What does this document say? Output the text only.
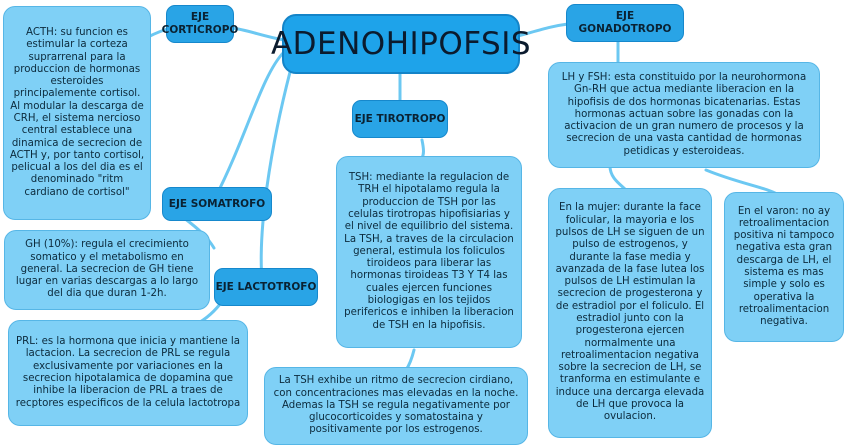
ADENOHIPOFSIS
EJE
CORTICROPO
EJE
GONADOTROPO
EJE TIROTROPO
EJE SOMATROFO
EJE LACTOTROFO
ACTH: su funcion es estimular la corteza suprarrenal para la produccion de hormonas esteroides principalemente cortisol. Al modular la descarga de CRH, el sistema nercioso central establece una dinamica de secrecion de ACTH y, por tanto cortisol, pelicual a los del dia es el denominado "ritm cardiano de cortisol"
GH (10%): regula el crecimiento somatico y el metabolismo en general. La secrecion de GH tiene lugar en varias descargas a lo largo del dia que duran 1-2h.
PRL: es la hormona que inicia y mantiene la lactacion. La secrecion de PRL se regula exclusivamente por variaciones en la secrecion hipotalamica de dopamina que inhibe la liberacion de PRL a traes de recptores especificos de la celula lactotropa
TSH: mediante la regulacion de TRH el hipotalamo regula la produccion de TSH por las celulas tirotropas hipofisiarias y el nivel de equilibrio del sistema. La TSH, a traves de la circulacion general, estimula los foliculos tiroideos para liberar las hormonas tiroideas T3 Y T4 las cuales ejercen funciones biologigas en los tejidos perifericos e inhiben la liberacion de TSH en la hipofisis.
La TSH exhibe un ritmo de secrecion cirdiano, con concentraciones mas elevadas en la noche. Ademas la TSH se regula negativamente por glucocorticoides y somatostaina y positivamente por los estrogenos.
LH y FSH: esta constituido por la neurohormona Gn-RH que actua mediante liberacion en la hipofisis de dos hormonas bicatenarias. Estas hormonas actuan sobre las gonadas con la activacion de un gran numero de procesos y la secrecion de una vasta cantidad de hormonas petidicas y esteroideas.
En la mujer: durante la face folicular, la mayoria e los pulsos de LH se siguen de un pulso de estrogenos, y durante la fase media y avanzada de la fase lutea los pulsos de LH estimulan la secrecion de progesterona y de estradiol por el foliculo. El estradiol junto con la progesterona ejercen normalmente una retroalimentacion negativa sobre la secrecion de LH, se tranforma en estimulante e induce una dercarga elevada de LH que provoca la ovulacion.
En el varon: no ay retroalimentacion positiva ni tampoco negativa esta gran descarga de LH, el sistema es mas simple y solo es operativa la retroalimentacion negativa.
